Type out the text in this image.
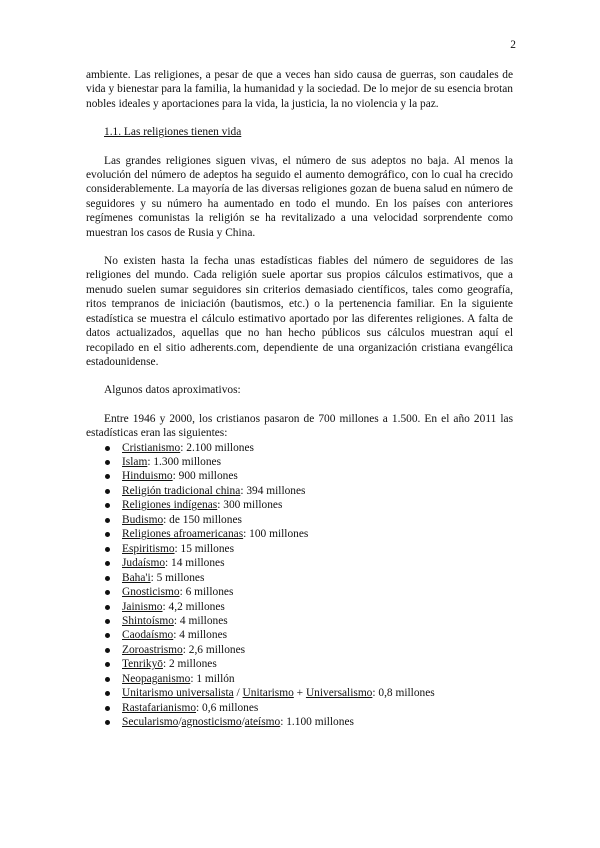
2

ambiente. Las religiones, a pesar de que a veces han sido causa de guerras, son caudales de vida y bienestar para la familia, la humanidad y la sociedad. De lo mejor de su esencia brotan nobles ideales y aportaciones para la vida, la justicia, la no violencia y la paz.

1.1. Las religiones tienen vida

Las grandes religiones siguen vivas, el número de sus adeptos no baja. Al menos la evolución del número de adeptos ha seguido el aumento demográfico, con lo cual ha crecido considerablemente. La mayoría de las diversas religiones gozan de buena salud en número de seguidores y su número ha aumentado en todo el mundo. En los países con anteriores regímenes comunistas la religión se ha revitalizado a una velocidad sorprendente como muestran los casos de Rusia y China.

No existen hasta la fecha unas estadísticas fiables del número de seguidores de las religiones del mundo. Cada religión suele aportar sus propios cálculos estimativos, que a menudo suelen sumar seguidores sin criterios demasiado científicos, tales como geografía, ritos tempranos de iniciación (bautismos, etc.) o la pertenencia familiar. En la siguiente estadística se muestra el cálculo estimativo aportado por las diferentes religiones. A falta de datos actualizados, aquellas que no han hecho públicos sus cálculos muestran aquí el recopilado en el sitio adherents.com, dependiente de una organización cristiana evangélica estadounidense.

Algunos datos aproximativos:

Entre 1946 y 2000, los cristianos pasaron de 700 millones a 1.500. En el año 2011 las estadísticas eran las siguientes:

Cristianismo: 2.100 millones
Islam: 1.300 millones
Hinduismo: 900 millones
Religión tradicional china: 394 millones
Religiones indígenas: 300 millones
Budismo: de 150 millones
Religiones afroamericanas: 100 millones
Espiritismo: 15 millones
Judaísmo: 14 millones
Baha'i: 5 millones
Gnosticismo: 6 millones
Jainismo: 4,2 millones
Shintoísmo: 4 millones
Caodaísmo: 4 millones
Zoroastrismo: 2,6 millones
Tenrikyō: 2 millones
Neopaganismo: 1 millón
Unitarismo universalista / Unitarismo + Universalismo: 0,8 millones
Rastafarianismo: 0,6 millones
Secularismo/agnosticismo/ateísmo: 1.100 millones
